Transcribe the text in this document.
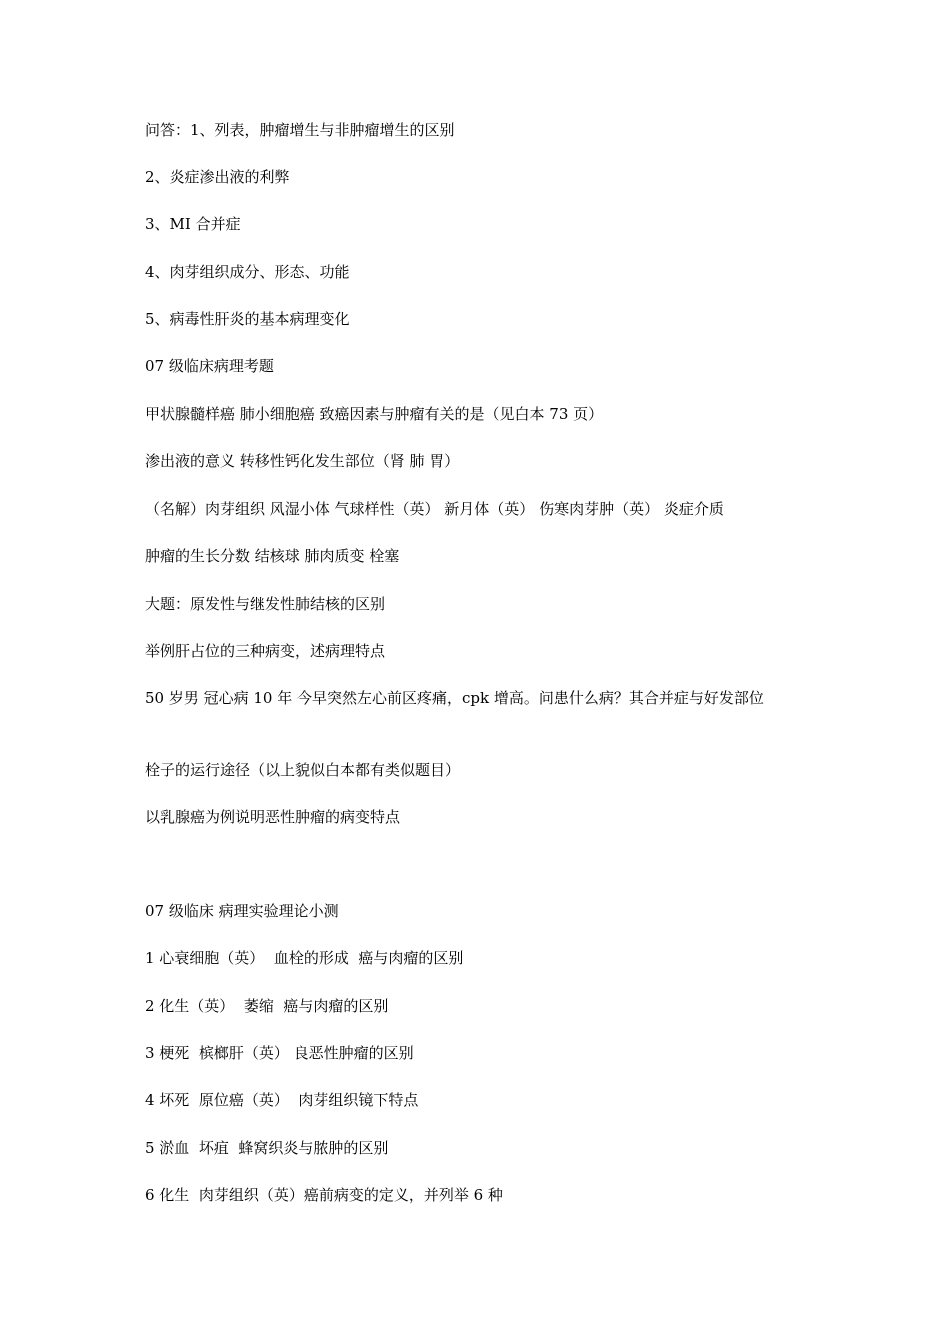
问答：1、列表，肿瘤增生与非肿瘤增生的区别

2、炎症渗出液的利弊

3、MI 合并症

4、肉芽组织成分、形态、功能

5、病毒性肝炎的基本病理变化

07 级临床病理考题

甲状腺髓样癌 肺小细胞癌 致癌因素与肿瘤有关的是（见白本 73 页）

渗出液的意义 转移性钙化发生部位（肾 肺 胃）

（名解）肉芽组织 风湿小体 气球样性（英） 新月体（英） 伤寒肉芽肿（英） 炎症介质

肿瘤的生长分数 结核球 肺肉质变 栓塞

大题：原发性与继发性肺结核的区别

举例肝占位的三种病变，述病理特点

50 岁男 冠心病 10 年 今早突然左心前区疼痛，cpk 增高。问患什么病？其合并症与好发部位

栓子的运行途径（以上貌似白本都有类似题目）

以乳腺癌为例说明恶性肿瘤的病变特点

07 级临床 病理实验理论小测

1 心衰细胞（英）  血栓的形成  癌与肉瘤的区别

2 化生（英）  萎缩  癌与肉瘤的区别

3 梗死  槟榔肝（英） 良恶性肿瘤的区别

4 坏死  原位癌（英）  肉芽组织镜下特点

5 淤血  坏疽  蜂窝织炎与脓肿的区别

6 化生  肉芽组织（英）癌前病变的定义，并列举 6 种
